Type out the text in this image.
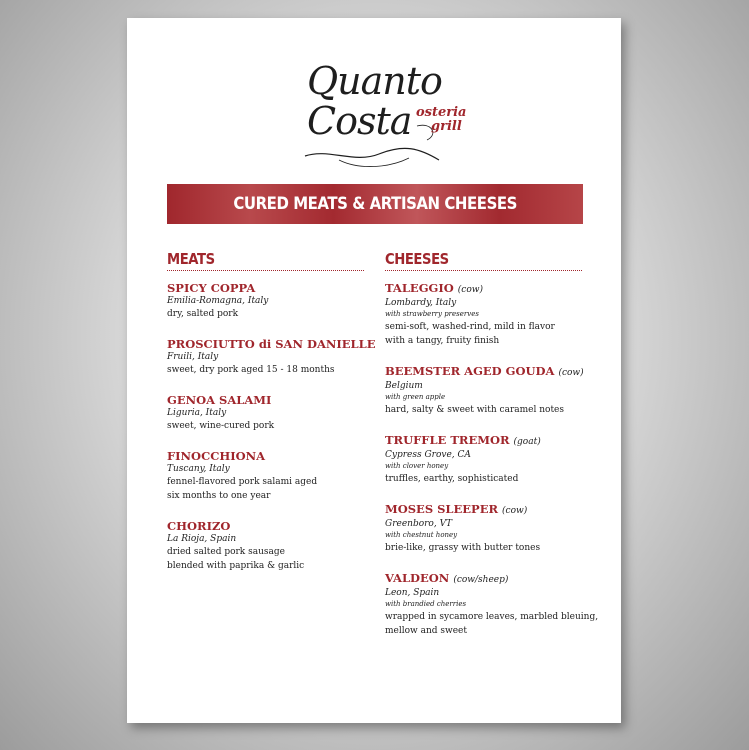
Quanto
Costa osteria
grill
CURED MEATS & ARTISAN CHEESES
MEATS
SPICY COPPA
Emilia-Romagna, Italy
dry, salted pork
PROSCIUTTO di SAN DANIELLE
Fruili, Italy
sweet, dry pork aged 15 - 18 months
GENOA SALAMI
Liguria, Italy
sweet, wine-cured pork
FINOCCHIONA
Tuscany, Italy
fennel-flavored pork salami aged
six months to one year
CHORIZO
La Rioja, Spain
dried salted pork sausage
blended with paprika & garlic
CHEESES
TALEGGIO (cow)
Lombardy, Italy
with strawberry preserves
semi-soft, washed-rind, mild in flavor
with a tangy, fruity finish
BEEMSTER AGED GOUDA (cow)
Belgium
with green apple
hard, salty & sweet with caramel notes
TRUFFLE TREMOR (goat)
Cypress Grove, CA
with clover honey
truffles, earthy, sophisticated
MOSES SLEEPER (cow)
Greenboro, VT
with chestnut honey
brie-like, grassy with butter tones
VALDEON (cow/sheep)
Leon, Spain
with brandied cherries
wrapped in sycamore leaves, marbled bleuing,
mellow and sweet
